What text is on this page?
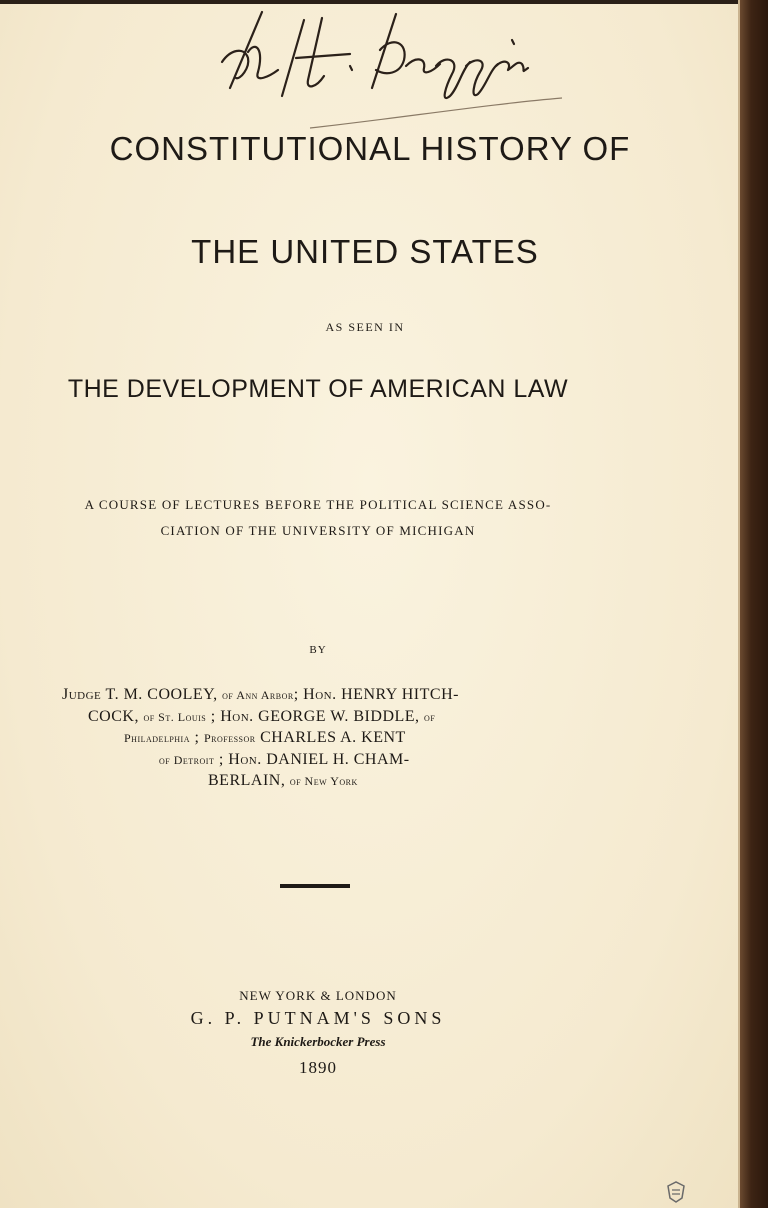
CONSTITUTIONAL HISTORY OF
THE UNITED STATES
AS SEEN IN
THE DEVELOPMENT OF AMERICAN LAW
A COURSE OF LECTURES BEFORE THE POLITICAL SCIENCE ASSO-
CIATION OF THE UNIVERSITY OF MICHIGAN
BY
Judge T. M. COOLEY, of Ann Arbor; Hon. HENRY HITCH-
COCK, of St. Louis ; Hon. GEORGE W. BIDDLE, of
Philadelphia ; Professor CHARLES A. KENT
of Detroit ; Hon. DANIEL H. CHAM-
BERLAIN, of New York
NEW YORK & LONDON
G. P. PUTNAM'S SONS
The Knickerbocker Press
1890
